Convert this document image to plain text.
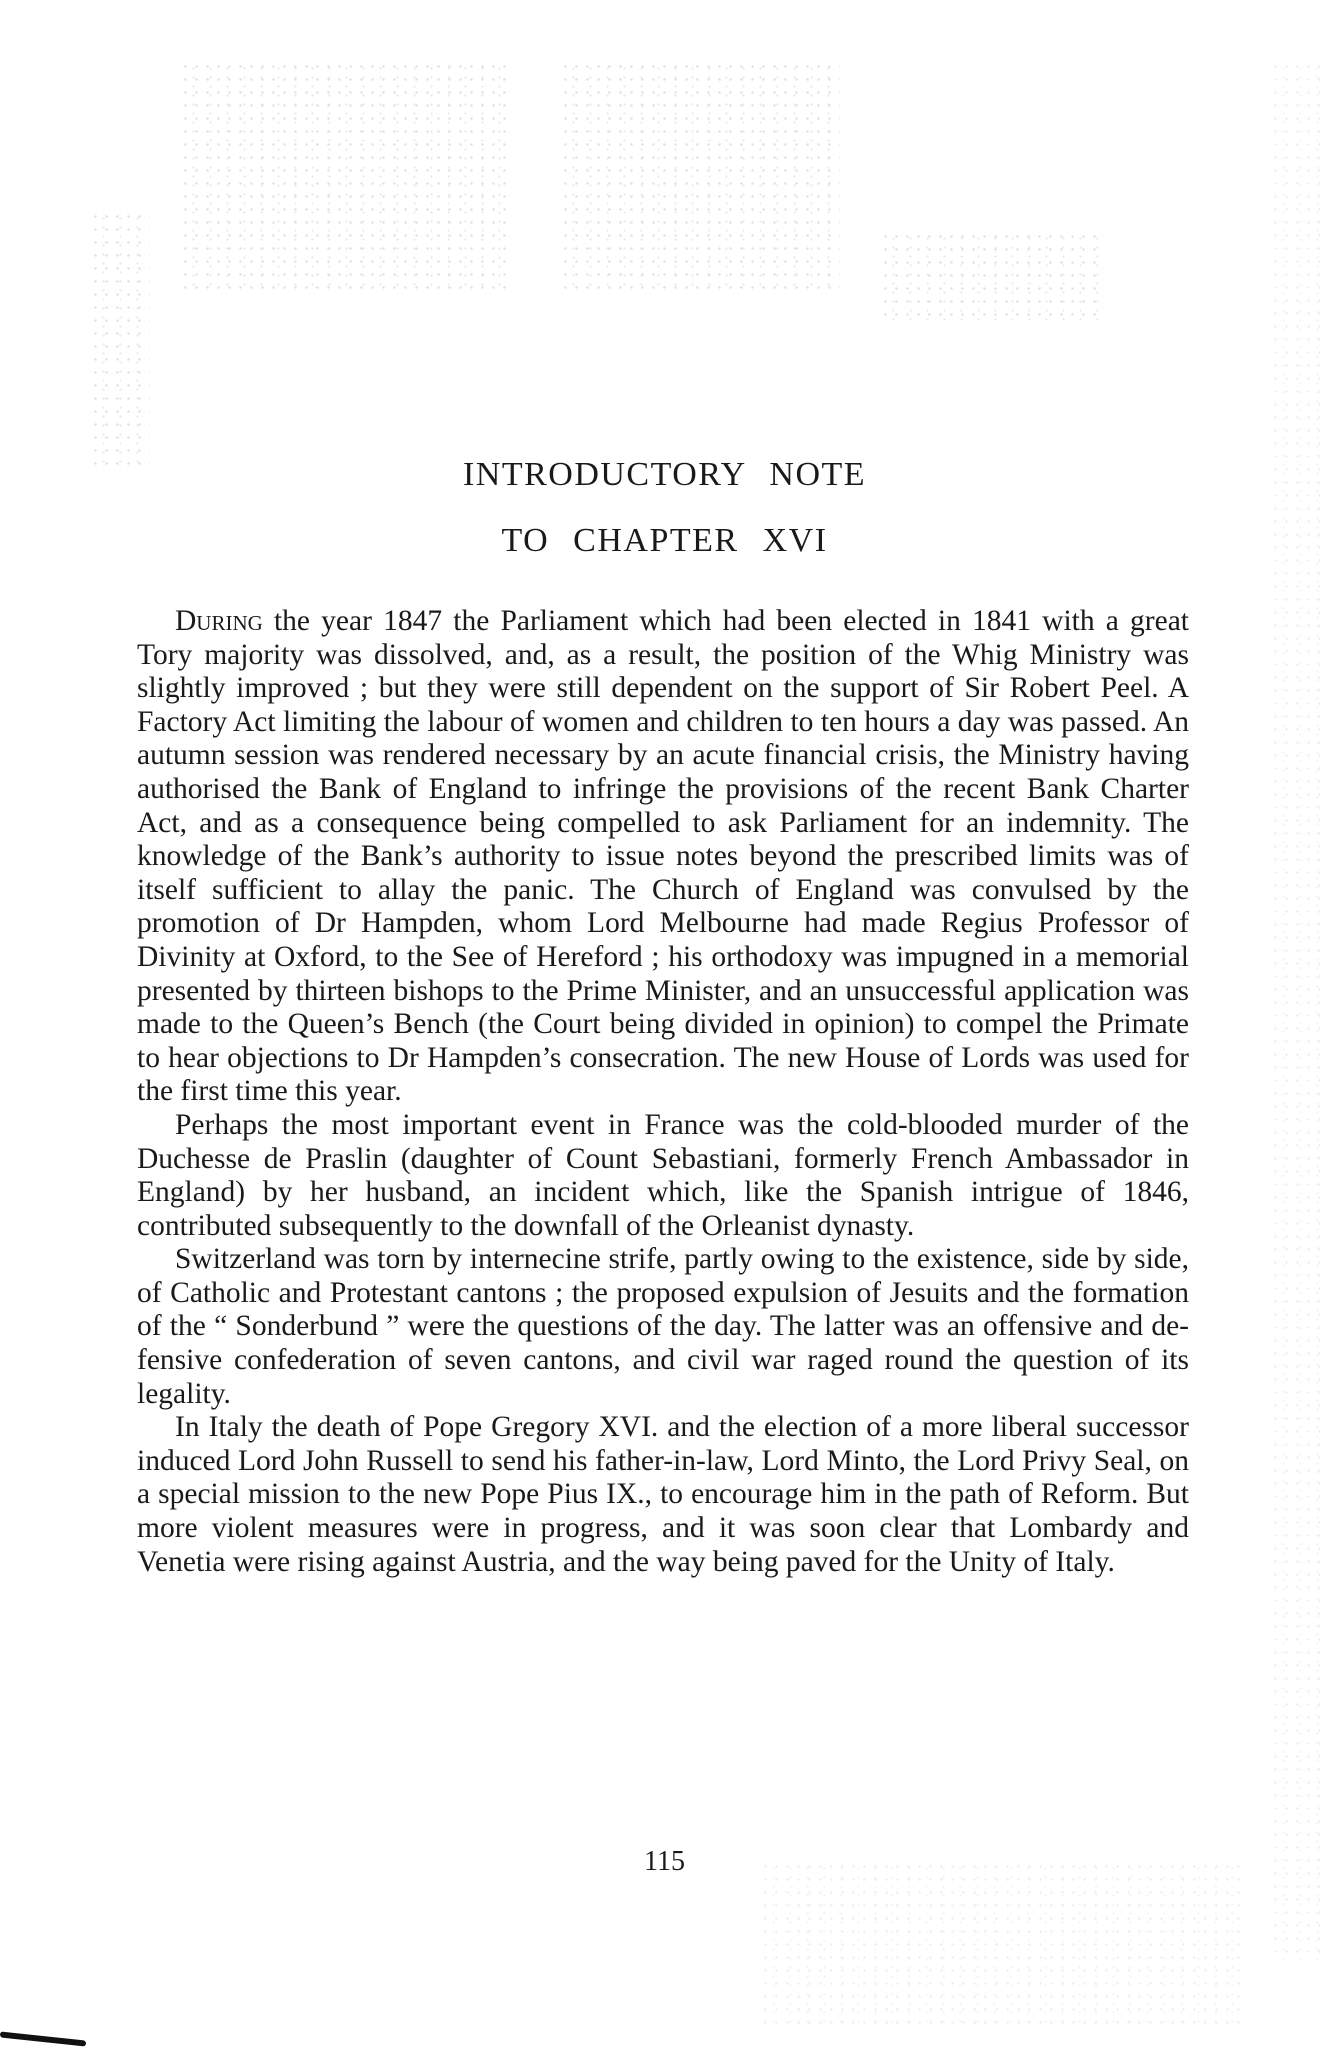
INTRODUCTORY NOTE
TO CHAPTER XVI

During the year 1847 the Parliament which had been elected in 1841 with a great Tory majority was dissolved, and, as a result, the position of the Whig Ministry was slightly improved ; but they were still dependent on the support of Sir Robert Peel. A Factory Act limiting the labour of women and children to ten hours a day was passed. An autumn session was rendered necessary by an acute financial crisis, the Ministry having authorised the Bank of England to infringe the provisions of the recent Bank Charter Act, and as a consequence being compelled to ask Parliament for an indemnity. The knowledge of the Bank’s authority to issue notes beyond the prescribed limits was of itself sufficient to allay the panic. The Church of England was convulsed by the promotion of Dr Hampden, whom Lord Melbourne had made Regius Professor of Divinity at Oxford, to the See of Hereford ; his orthodoxy was impugned in a memorial presented by thirteen bishops to the Prime Minister, and an unsuccessful application was made to the Queen’s Bench (the Court being divided in opinion) to compel the Primate to hear objections to Dr Hampden’s consecration. The new House of Lords was used for the first time this year.

Perhaps the most important event in France was the cold-blooded murder of the Duchesse de Praslin (daughter of Count Sebastiani, formerly French Ambassador in England) by her husband, an incident which, like the Spanish intrigue of 1846, contributed subsequently to the downfall of the Orleanist dynasty.

Switzerland was torn by internecine strife, partly owing to the existence, side by side, of Catholic and Protestant cantons ; the proposed expulsion of Jesuits and the formation of the “ Sonderbund ” were the questions of the day. The latter was an offensive and defensive confederation of seven cantons, and civil war raged round the question of its legality.

In Italy the death of Pope Gregory XVI. and the election of a more liberal successor induced Lord John Russell to send his father-in-law, Lord Minto, the Lord Privy Seal, on a special mission to the new Pope Pius IX., to encourage him in the path of Reform. But more violent measures were in progress, and it was soon clear that Lombardy and Venetia were rising against Austria, and the way being paved for the Unity of Italy.

115
